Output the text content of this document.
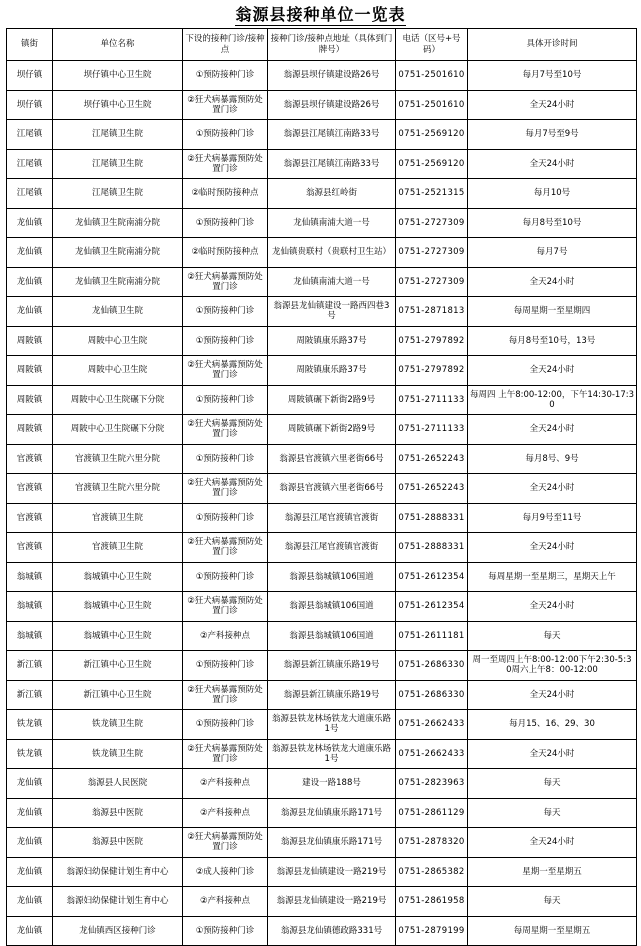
翁源县接种单位一览表
镇街	单位名称	下设的接种门诊/接种点	接种门诊/接种点地址（具体到门牌号）	电话（区号+号码）	具体开诊时间
坝仔镇	坝仔镇中心卫生院	①预防接种门诊	翁源县坝仔镇建设路26号	0751-2501610	每月7号至10号
坝仔镇	坝仔镇中心卫生院	②狂犬病暴露预防处置门诊	翁源县坝仔镇建设路26号	0751-2501610	全天24小时
江尾镇	江尾镇卫生院	①预防接种门诊	翁源县江尾镇江南路33号	0751-2569120	每月7号至9号
江尾镇	江尾镇卫生院	②狂犬病暴露预防处置门诊	翁源县江尾镇江南路33号	0751-2569120	全天24小时
江尾镇	江尾镇卫生院	②临时预防接种点	翁源县红岭街	0751-2521315	每月10号
龙仙镇	龙仙镇卫生院南浦分院	①预防接种门诊	龙仙镇南浦大道一号	0751-2727309	每月8号至10号
龙仙镇	龙仙镇卫生院南浦分院	②临时预防接种点	龙仙镇贵联村（贵联村卫生站）	0751-2727309	每月7号
龙仙镇	龙仙镇卫生院南浦分院	②狂犬病暴露预防处置门诊	龙仙镇南浦大道一号	0751-2727309	全天24小时
龙仙镇	龙仙镇卫生院	①预防接种门诊	翁源县龙仙镇建设一路西四巷3号	0751-2871813	每周星期一至星期四
周陂镇	周陂中心卫生院	①预防接种门诊	周陂镇康乐路37号	0751-2797892	每月8号至10号，13号
周陂镇	周陂中心卫生院	②狂犬病暴露预防处置门诊	周陂镇康乐路37号	0751-2797892	全天24小时
周陂镇	周陂中心卫生院碾下分院	①预防接种门诊	周陂镇碾下新街2路9号	0751-2711133	每周四 上午8:00-12:00，下午14:30-17:30
周陂镇	周陂中心卫生院碾下分院	②狂犬病暴露预防处置门诊	周陂镇碾下新街2路9号	0751-2711133	全天24小时
官渡镇	官渡镇卫生院六里分院	①预防接种门诊	翁源县官渡镇六里老街66号	0751-2652243	每月8号、9号
官渡镇	官渡镇卫生院六里分院	②狂犬病暴露预防处置门诊	翁源县官渡镇六里老街66号	0751-2652243	全天24小时
官渡镇	官渡镇卫生院	①预防接种门诊	翁源县江尾官渡镇官渡街	0751-2888331	每月9号至11号
官渡镇	官渡镇卫生院	②狂犬病暴露预防处置门诊	翁源县江尾官渡镇官渡街	0751-2888331	全天24小时
翁城镇	翁城镇中心卫生院	①预防接种门诊	翁源县翁城镇106国道	0751-2612354	每周星期一至星期三，星期天上午
翁城镇	翁城镇中心卫生院	②狂犬病暴露预防处置门诊	翁源县翁城镇106国道	0751-2612354	全天24小时
翁城镇	翁城镇中心卫生院	②产科接种点	翁源县翁城镇106国道	0751-2611181	每天
新江镇	新江镇中心卫生院	①预防接种门诊	翁源县新江镇康乐路19号	0751-2686330	周一至周四上午8:00-12:00下午2:30-5:30周六上午8：00-12:00
新江镇	新江镇中心卫生院	②狂犬病暴露预防处置门诊	翁源县新江镇康乐路19号	0751-2686330	全天24小时
铁龙镇	铁龙镇卫生院	①预防接种门诊	翁源县铁龙林场铁龙大道康乐路1号	0751-2662433	每月15、16、29、30
铁龙镇	铁龙镇卫生院	②狂犬病暴露预防处置门诊	翁源县铁龙林场铁龙大道康乐路1号	0751-2662433	全天24小时
龙仙镇	翁源县人民医院	②产科接种点	建设一路188号	0751-2823963	每天
龙仙镇	翁源县中医院	②产科接种点	翁源县龙仙镇康乐路171号	0751-2861129	每天
龙仙镇	翁源县中医院	②狂犬病暴露预防处置门诊	翁源县龙仙镇康乐路171号	0751-2878320	全天24小时
龙仙镇	翁源妇幼保健计划生育中心	②成人接种门诊	翁源县龙仙镇建设一路219号	0751-2865382	星期一至星期五
龙仙镇	翁源妇幼保健计划生育中心	②产科接种点	翁源县龙仙镇建设一路219号	0751-2861958	每天
龙仙镇	龙仙镇西区接种门诊	①预防接种门诊	翁源县龙仙镇德政路331号	0751-2879199	每周星期一至星期五
